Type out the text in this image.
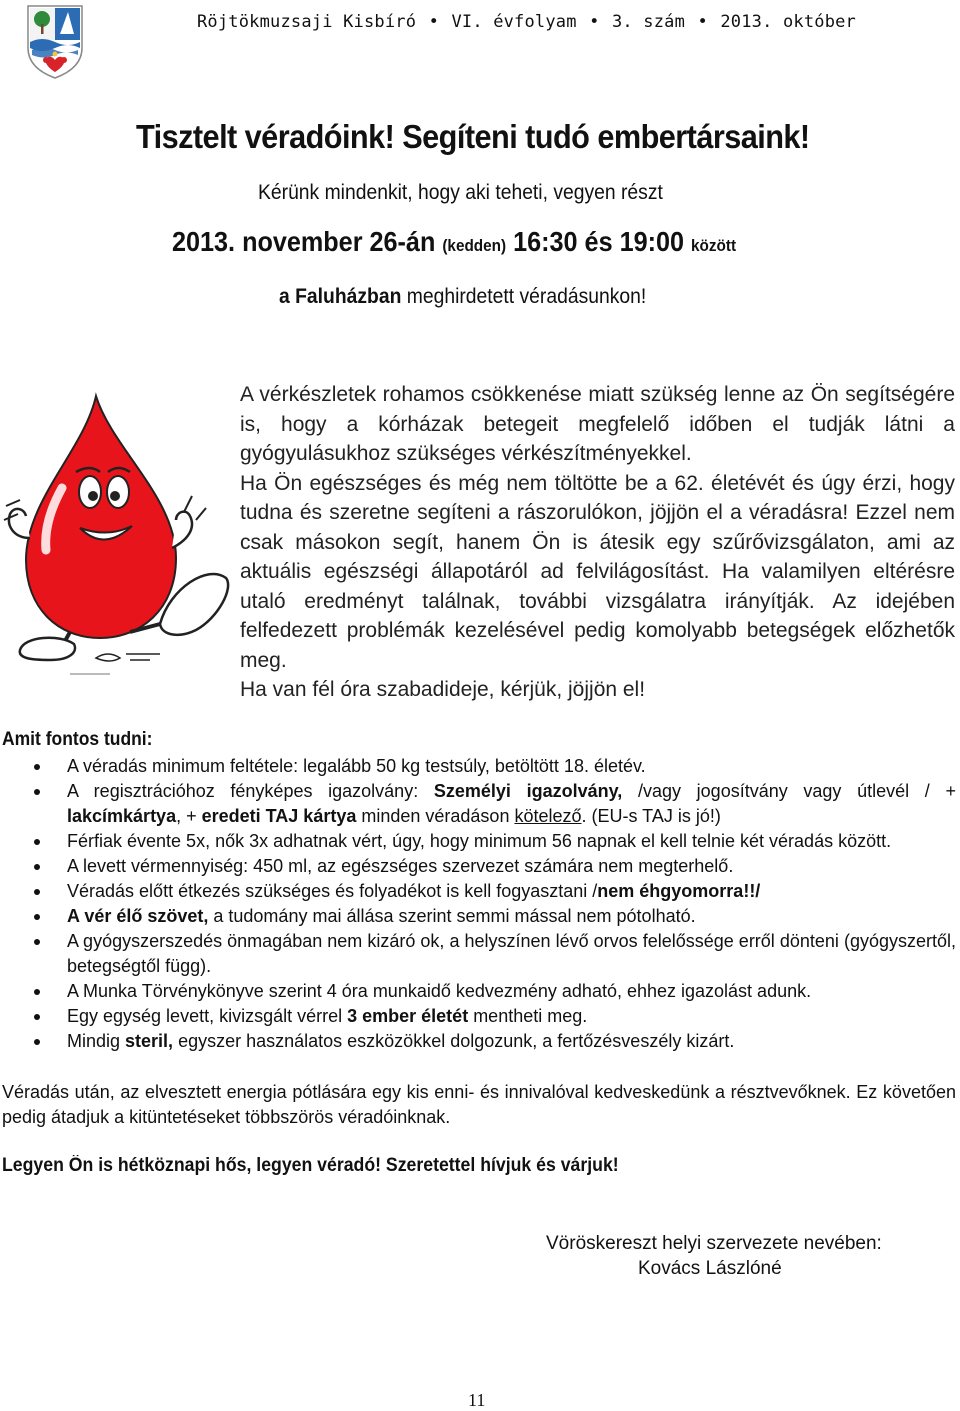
Röjtökmuzsaji Kisbíró • VI. évfolyam • 3. szám • 2013. október
Tisztelt véradóink! Segíteni tudó embertársaink!
Kérünk mindenkit, hogy aki teheti, vegyen részt
2013. november 26-án (kedden) 16:30 és 19:00 között
a Faluházban meghirdetett véradásunkon!

A vérkészletek rohamos csökkenése miatt szükség lenne az Ön segítségére is, hogy a kórházak betegeit megfelelő időben el tudják látni a gyógyulásukhoz szükséges vérkészítményekkel.

Ha Ön egészséges és még nem töltötte be a 62. életévét és úgy érzi, hogy tudna és szeretne segíteni a rászorulókon, jöjjön el a véradásra! Ezzel nem csak másokon segít, hanem Ön is átesik egy szűrővizsgálaton, ami az aktuális egészségi állapotáról ad felvilágosítást. Ha valamilyen eltérésre utaló eredményt találnak, további vizsgálatra irányítják. Az idejében felfedezett problémák kezelésével pedig komolyabb betegségek előzhetők meg.

Ha van fél óra szabadideje, kérjük, jöjjön el!

Amit fontos tudni:
A véradás minimum feltétele: legalább 50 kg testsúly, betöltött 18. életév.
A regisztrációhoz fényképes igazolvány: Személyi igazolvány, /vagy jogosítvány vagy útlevél / + lakcímkártya, + eredeti TAJ kártya minden véradáson kötelező. (EU-s TAJ is jó!)
Férfiak évente 5x, nők 3x adhatnak vért, úgy, hogy minimum 56 napnak el kell telnie két véradás között.
A levett vérmennyiség: 450 ml, az egészséges szervezet számára nem megterhelő.
Véradás előtt étkezés szükséges és folyadékot is kell fogyasztani /nem éhgyomorra!!/
A vér élő szövet, a tudomány mai állása szerint semmi mással nem pótolható.
A gyógyszerszedés önmagában nem kizáró ok, a helyszínen lévő orvos felelőssége erről dönteni (gyógyszertől, betegségtől függ).
A Munka Törvénykönyve szerint 4 óra munkaidő kedvezmény adható, ehhez igazolást adunk.
Egy egység levett, kivizsgált vérrel 3 ember életét mentheti meg.
Mindig steril, egyszer használatos eszközökkel dolgozunk, a fertőzésveszély kizárt.

Véradás után, az elvesztett energia pótlására egy kis enni- és innivalóval kedveskedünk a résztvevőknek. Ez követően pedig átadjuk a kitüntetéseket többszörös véradóinknak.

Legyen Ön is hétköznapi hős, legyen véradó! Szeretettel hívjuk és várjuk!
Vöröskereszt helyi szervezete nevében:
Kovács Lászlóné
11
